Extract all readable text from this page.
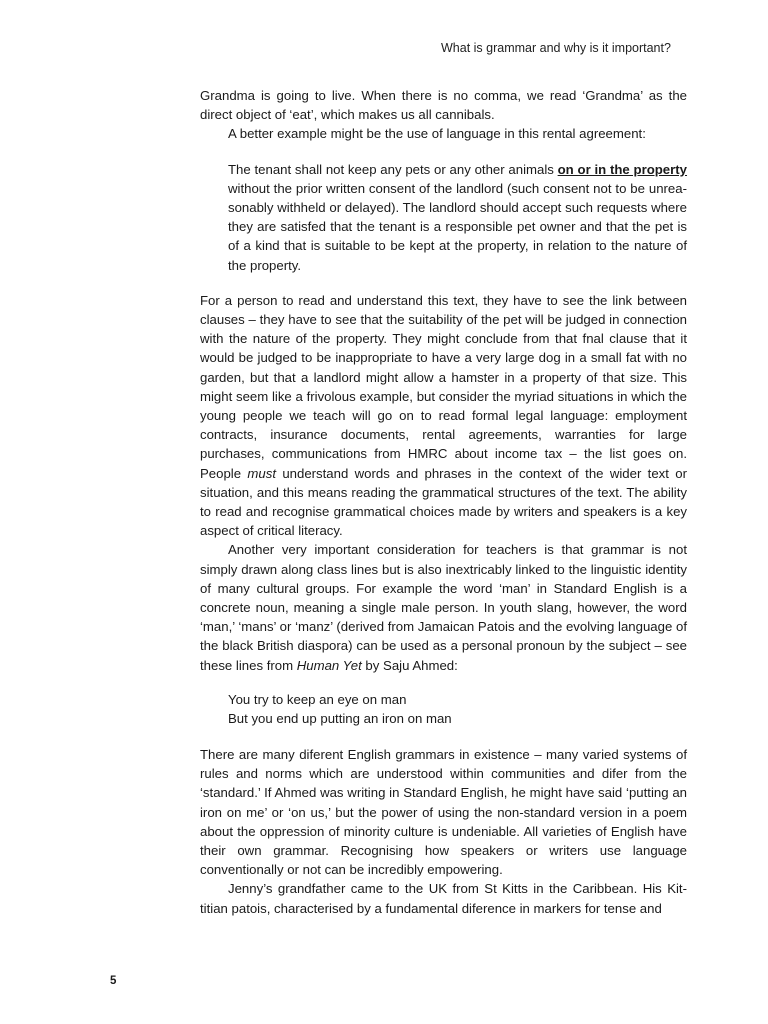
What is grammar and why is it important?

Grandma is going to live. When there is no comma, we read ‘Grandma’ as the direct object of ‘eat’, which makes us all cannibals.

A better example might be the use of language in this rental agreement:

The tenant shall not keep any pets or any other animals on or in the property without the prior written consent of the landlord (such consent not to be unreasonably withheld or delayed). The landlord should accept such requests where they are satisfed that the tenant is a responsible pet owner and that the pet is of a kind that is suitable to be kept at the property, in relation to the nature of the property.

For a person to read and understand this text, they have to see the link between clauses – they have to see that the suitability of the pet will be judged in connection with the nature of the property. They might conclude from that fnal clause that it would be judged to be inappropriate to have a very large dog in a small fat with no garden, but that a landlord might allow a hamster in a property of that size. This might seem like a frivolous example, but consider the myriad situations in which the young people we teach will go on to read formal legal language: employment contracts, insurance documents, rental agreements, warranties for large purchases, communications from HMRC about income tax – the list goes on. People must understand words and phrases in the context of the wider text or situation, and this means reading the grammatical structures of the text. The ability to read and recognise grammatical choices made by writers and speakers is a key aspect of critical literacy.

Another very important consideration for teachers is that grammar is not simply drawn along class lines but is also inextricably linked to the linguistic identity of many cultural groups. For example the word ‘man’ in Standard English is a concrete noun, meaning a single male person. In youth slang, however, the word ‘man,’ ‘mans’ or ‘manz’ (derived from Jamaican Patois and the evolving language of the black British diaspora) can be used as a personal pronoun by the subject – see these lines from Human Yet by Saju Ahmed:

You try to keep an eye on man
But you end up putting an iron on man

There are many diferent English grammars in existence – many varied systems of rules and norms which are understood within communities and difer from the ‘standard.’ If Ahmed was writing in Standard English, he might have said ‘putting an iron on me’ or ‘on us,’ but the power of using the non-standard version in a poem about the oppression of minority culture is undeniable. All varieties of English have their own grammar. Recognising how speakers or writers use language conventionally or not can be incredibly empowering.

Jenny’s grandfather came to the UK from St Kitts in the Caribbean. His Kittitian patois, characterised by a fundamental diference in markers for tense and

5
